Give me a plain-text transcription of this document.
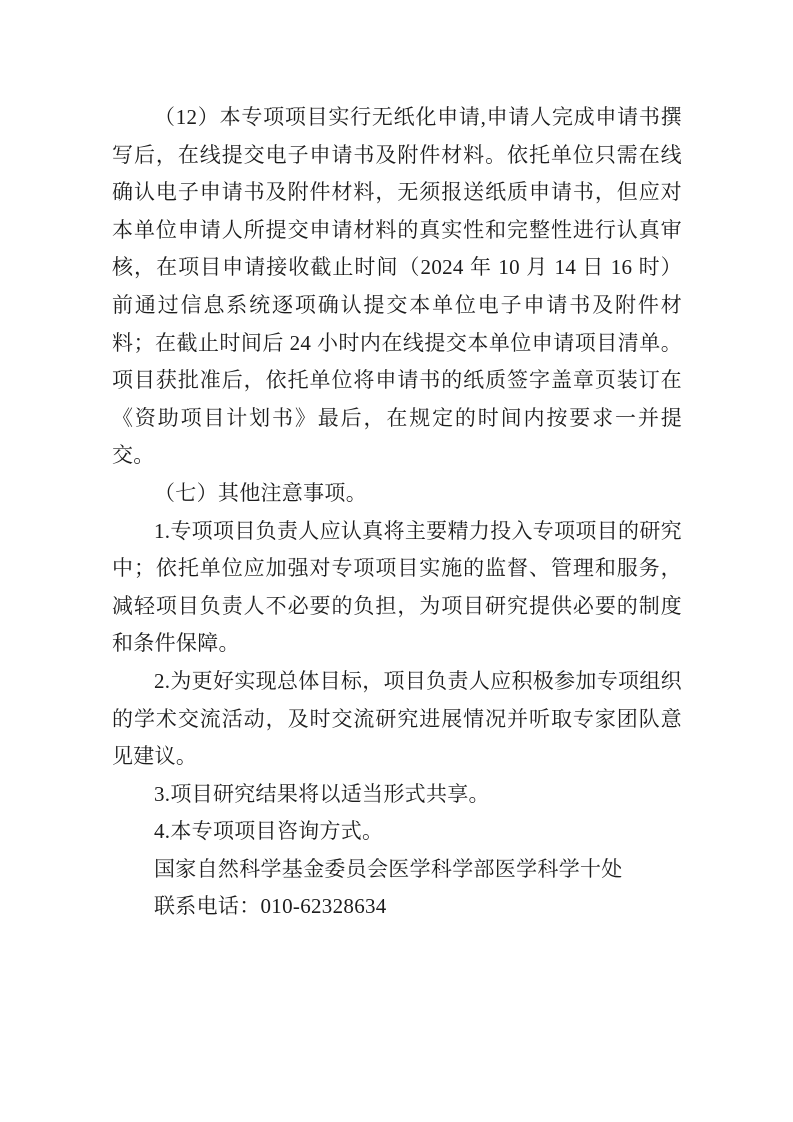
（12）本专项项目实行无纸化申请,申请人完成申请书撰写后，在线提交电子申请书及附件材料。依托单位只需在线确认电子申请书及附件材料，无须报送纸质申请书，但应对本单位申请人所提交申请材料的真实性和完整性进行认真审核，在项目申请接收截止时间（2024 年 10 月 14 日 16 时）前通过信息系统逐项确认提交本单位电子申请书及附件材料；在截止时间后 24 小时内在线提交本单位申请项目清单。项目获批准后，依托单位将申请书的纸质签字盖章页装订在《资助项目计划书》最后，在规定的时间内按要求一并提交。

（七）其他注意事项。

1.专项项目负责人应认真将主要精力投入专项项目的研究中；依托单位应加强对专项项目实施的监督、管理和服务，减轻项目负责人不必要的负担，为项目研究提供必要的制度和条件保障。

2.为更好实现总体目标，项目负责人应积极参加专项组织的学术交流活动，及时交流研究进展情况并听取专家团队意见建议。

3.项目研究结果将以适当形式共享。

4.本专项项目咨询方式。

国家自然科学基金委员会医学科学部医学科学十处

联系电话：010-62328634
